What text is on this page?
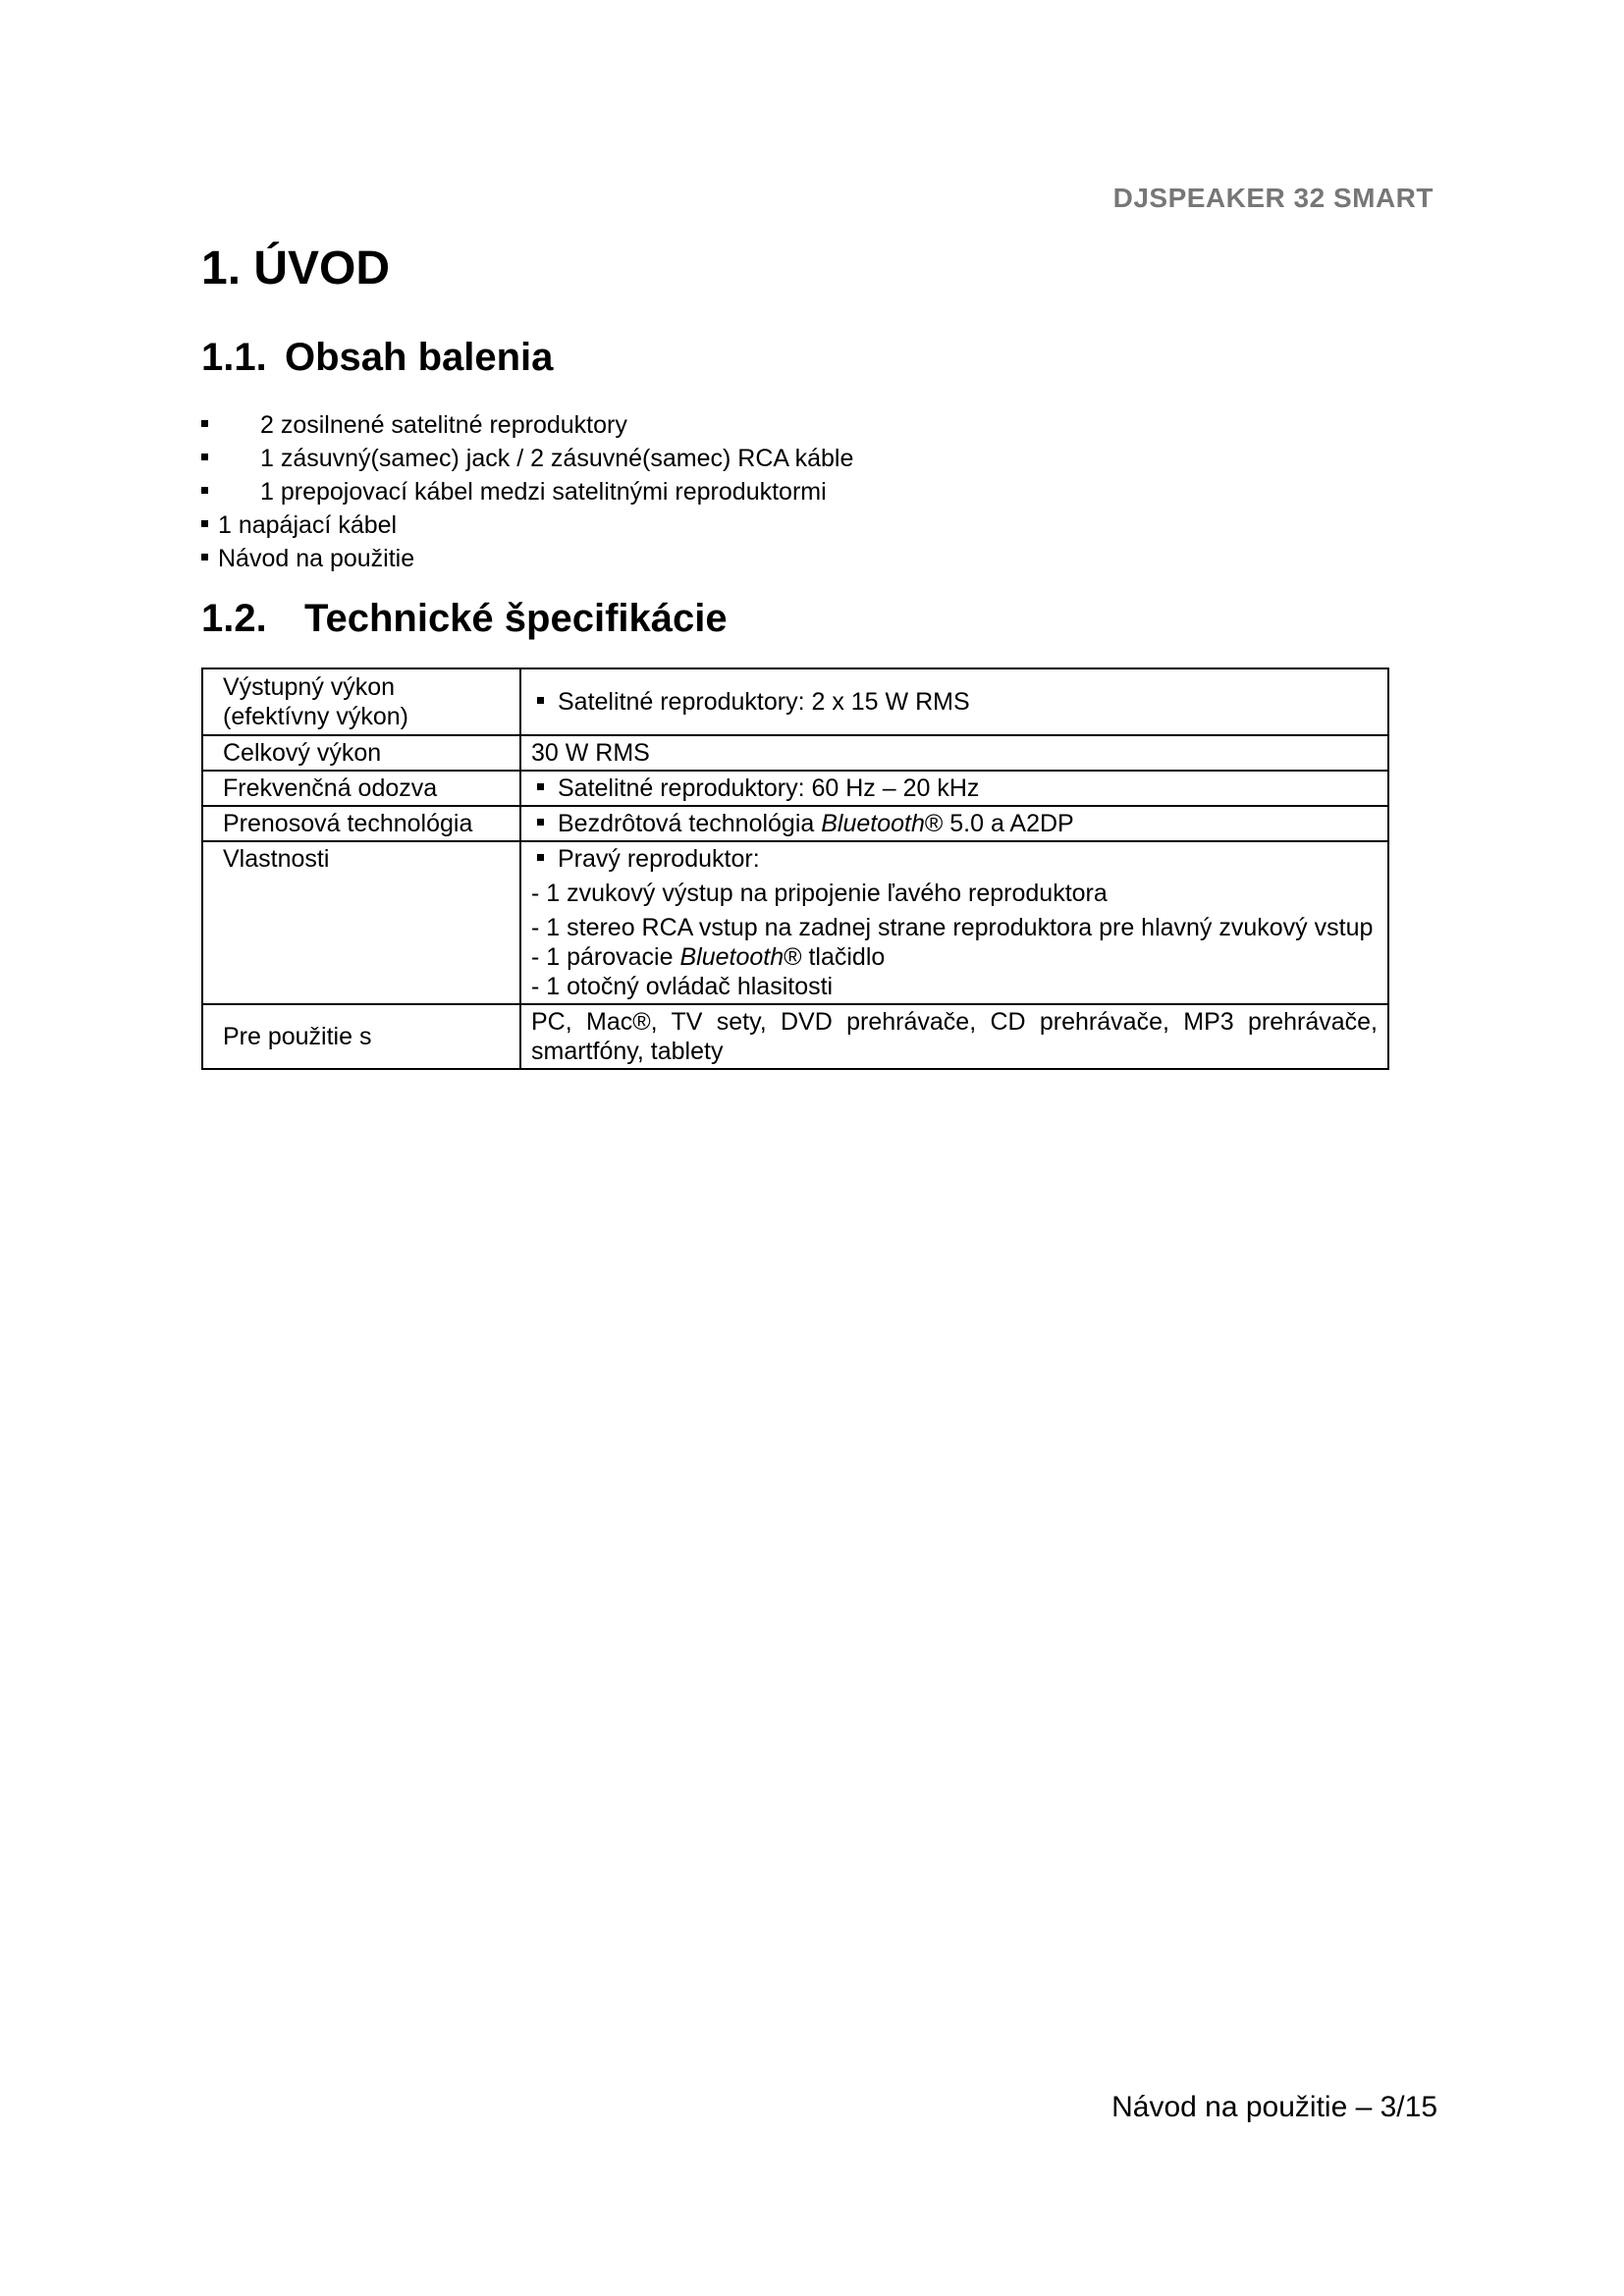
DJSPEAKER 32 SMART
1. ÚVOD
1.1. Obsah balenia
2 zosilnené satelitné reproduktory
1 zásuvný(samec) jack / 2 zásuvné(samec) RCA káble
1 prepojovací kábel medzi satelitnými reproduktormi
1 napájací kábel
Návod na použitie
1.2. Technické špecifikácie
Výstupný výkon
(efektívny výkon)	Satelitné reproduktory: 2 x 15 W RMS
Celkový výkon	30 W RMS
Frekvenčná odozva	Satelitné reproduktory: 60 Hz – 20 kHz
Prenosová technológia	Bezdrôtová technológia Bluetooth® 5.0 a A2DP
Vlastnosti	Pravý reproduktor:
- 1 zvukový výstup na pripojenie ľavého reproduktora
- 1 stereo RCA vstup na zadnej strane reproduktora pre hlavný zvukový vstup
- 1 párovacie Bluetooth® tlačidlo
- 1 otočný ovládač hlasitosti

Pre použitie s	PC, Mac®, TV sety, DVD prehrávače, CD prehrávače, MP3 prehrávače, smartfóny, tablety
Návod na použitie – 3/15
